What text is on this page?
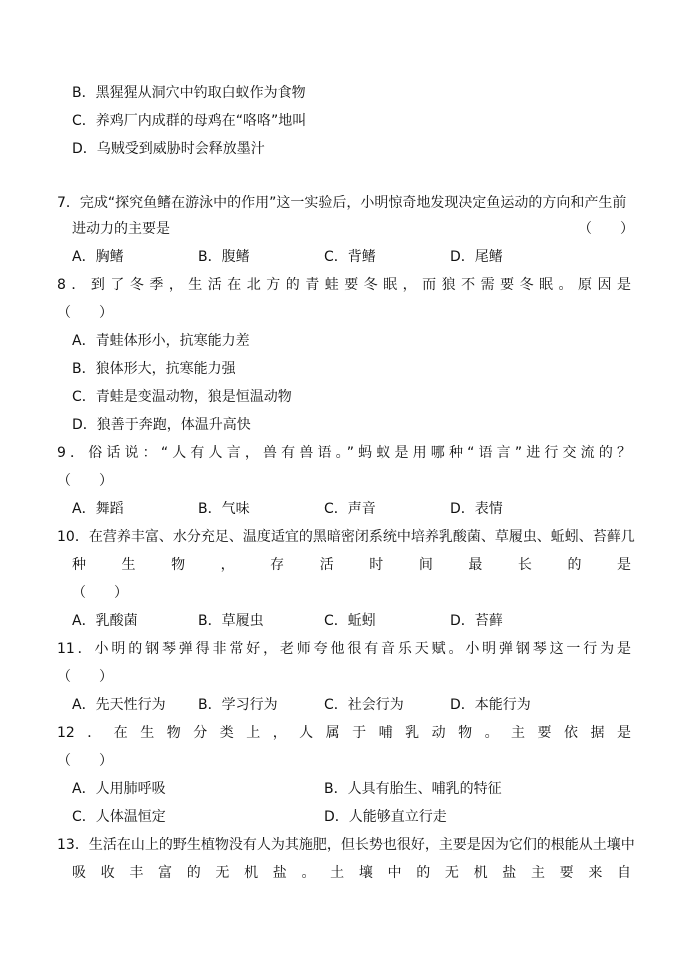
B．黑猩猩从洞穴中钓取白蚁作为食物
C．养鸡厂内成群的母鸡在“咯咯”地叫
D．乌贼受到威胁时会释放墨汁
7．完成“探究鱼鳍在游泳中的作用”这一实验后，小明惊奇地发现决定鱼运动的方向和产生前
进动力的主要是	（　　）
A．胸鳍	B．腹鳍	C．背鳍	D．尾鳍
8．到了冬季，生活在北方的青蛙要冬眠，而狼不需要冬眠。原因是
（　　）
A．青蛙体形小，抗寒能力差
B．狼体形大，抗寒能力强
C．青蛙是变温动物，狼是恒温动物
D．狼善于奔跑，体温升高快
9．俗话说：“人有人言，兽有兽语。”蚂蚁是用哪种“语言”进行交流的？
（　　）
A．舞蹈	B．气味	C．声音	D．表情
10．在营养丰富、水分充足、温度适宜的黑暗密闭系统中培养乳酸菌、草履虫、蚯蚓、苔藓几
种生物，存活时间最长的是
（　　）
A．乳酸菌	B．草履虫	C．蚯蚓	D．苔藓
11．小明的钢琴弹得非常好，老师夸他很有音乐天赋。小明弹钢琴这一行为是
（　　）
A．先天性行为 B．学习行为	C．社会行为	D．本能行为
12．在生物分类上，人属于哺乳动物。主要依据是
（　　）
A．人用肺呼吸	B．人具有胎生、哺乳的特征
C．人体温恒定	D．人能够直立行走
13．生活在山上的野生植物没有人为其施肥，但长势也很好，主要是因为它们的根能从土壤中
吸收丰富的无机盐。土壤中的无机盐主要来自
